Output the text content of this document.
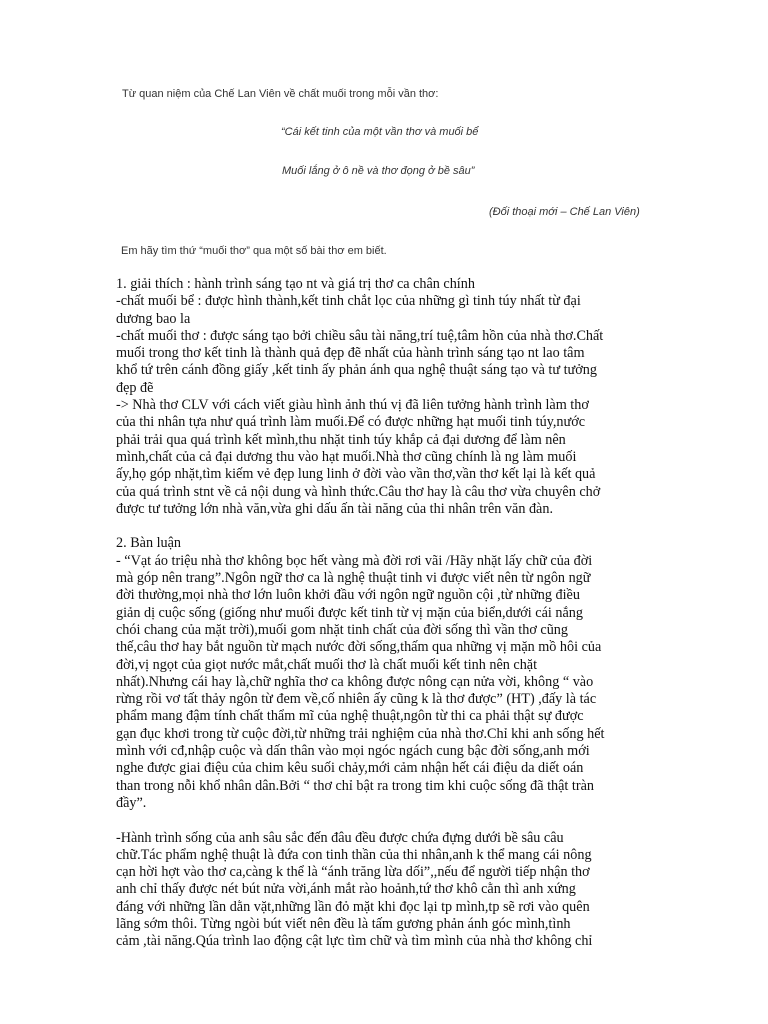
Từ quan niệm của Chế Lan Viên về chất muối trong mỗi vần thơ:
“Cái kết tinh của một vần thơ và muối bể
Muối lắng ở ô nề và thơ đọng ở bề sâu”
(Đối thoại mới – Chế Lan Viên)
Em hãy tìm thứ “muối thơ” qua một số bài thơ em biết.
1. giải thích : hành trình sáng tạo nt và giá trị thơ ca chân chính
-chất muối bể : được hình thành,kết tinh chắt lọc của những gì tinh túy nhất từ đại
dương bao la
-chất muối thơ : được sáng tạo bởi chiều sâu tài năng,trí tuệ,tâm hồn của nhà thơ.Chất
muối trong thơ kết tinh là thành quả đẹp đẽ nhất của hành trình sáng tạo nt lao tâm
khổ tứ trên cánh đồng giấy ,kết tinh ấy phản ánh qua nghệ thuật sáng tạo và tư tưởng
đẹp đẽ
-> Nhà thơ CLV với cách viết giàu hình ảnh thú vị đã liên tưởng hành trình làm thơ
của thi nhân tựa như quá trình làm muối.Để có được những hạt muối tinh túy,nước
phải trải qua quá trình kết mình,thu nhặt tinh túy khắp cả đại dương để làm nên
mình,chất của cả đại dương thu vào hạt muối.Nhà thơ cũng chính là ng làm muối
ấy,họ góp nhặt,tìm kiếm vẻ đẹp lung linh ở đời vào vần thơ,vần thơ kết lại là kết quả
của quá trình stnt về cả nội dung và hình thức.Câu thơ hay là câu thơ vừa chuyên chở
được tư tưởng lớn nhà văn,vừa ghi dấu ấn tài năng của thi nhân trên văn đàn.
2. Bàn luận
- “Vạt áo triệu nhà thơ không bọc hết vàng mà đời rơi vãi /Hãy nhặt lấy chữ của đời
mà góp nên trang”.Ngôn ngữ thơ ca là nghệ thuật tinh vi được viết nên từ ngôn ngữ
đời thường,mọi nhà thơ lớn luôn khởi đầu với ngôn ngữ nguồn cội ,từ những điều
giản dị cuộc sống (giống như muối được kết tinh từ vị mặn của biển,dưới cái nắng
chói chang của mặt trời),muối gom nhặt tinh chất của đời sống thì vần thơ cũng
thế,câu thơ hay bắt nguồn từ mạch nước đời sống,thấm qua những vị mặn mồ hôi của
đời,vị ngọt của giọt nước mắt,chất muối thơ là chất muối kết tinh nên chặt
nhất).Nhưng cái hay là,chữ nghĩa thơ ca không được nông cạn nửa vời, không “ vào
rừng rồi vơ tất thảy ngôn từ đem về,cố nhiên ấy cũng k là thơ được” (HT) ,đấy là tác
phẩm mang đậm tính chất thẩm mĩ của nghệ thuật,ngôn từ thi ca phải thật sự được
gạn đục khơi trong từ cuộc đời,từ những trải nghiệm của nhà thơ.Chỉ khi anh sống hết
mình với cđ,nhập cuộc và dấn thân vào mọi ngóc ngách cung bậc đời sống,anh mới
nghe được giai điệu của chim kêu suối chảy,mới cảm nhận hết cái điệu da diết oán
than trong nỗi khổ nhân dân.Bởi “ thơ chỉ bật ra trong tim khi cuộc sống đã thật tràn
đầy”.
-Hành trình sống của anh sâu sắc đến đâu đều được chứa đựng dưới bề sâu câu
chữ.Tác phẩm nghệ thuật là đứa con tinh thần của thi nhân,anh k thể mang cái nông
cạn hời hợt vào thơ ca,càng k thể là “ánh trăng lừa dối”,,nếu để người tiếp nhận thơ
anh chỉ thấy được nét bút nửa vời,ánh mắt rào hoảnh,tứ thơ khô cằn thì anh xứng
đáng với những lần dằn vặt,những lần đỏ mặt khi đọc lại tp mình,tp sẽ rơi vào quên
lãng sớm thôi. Từng ngòi bút viết nên đều là tấm gương phản ánh góc mình,tình
cảm ,tài năng.Qúa trình lao động cật lực tìm chữ và tìm mình của nhà thơ không chỉ
